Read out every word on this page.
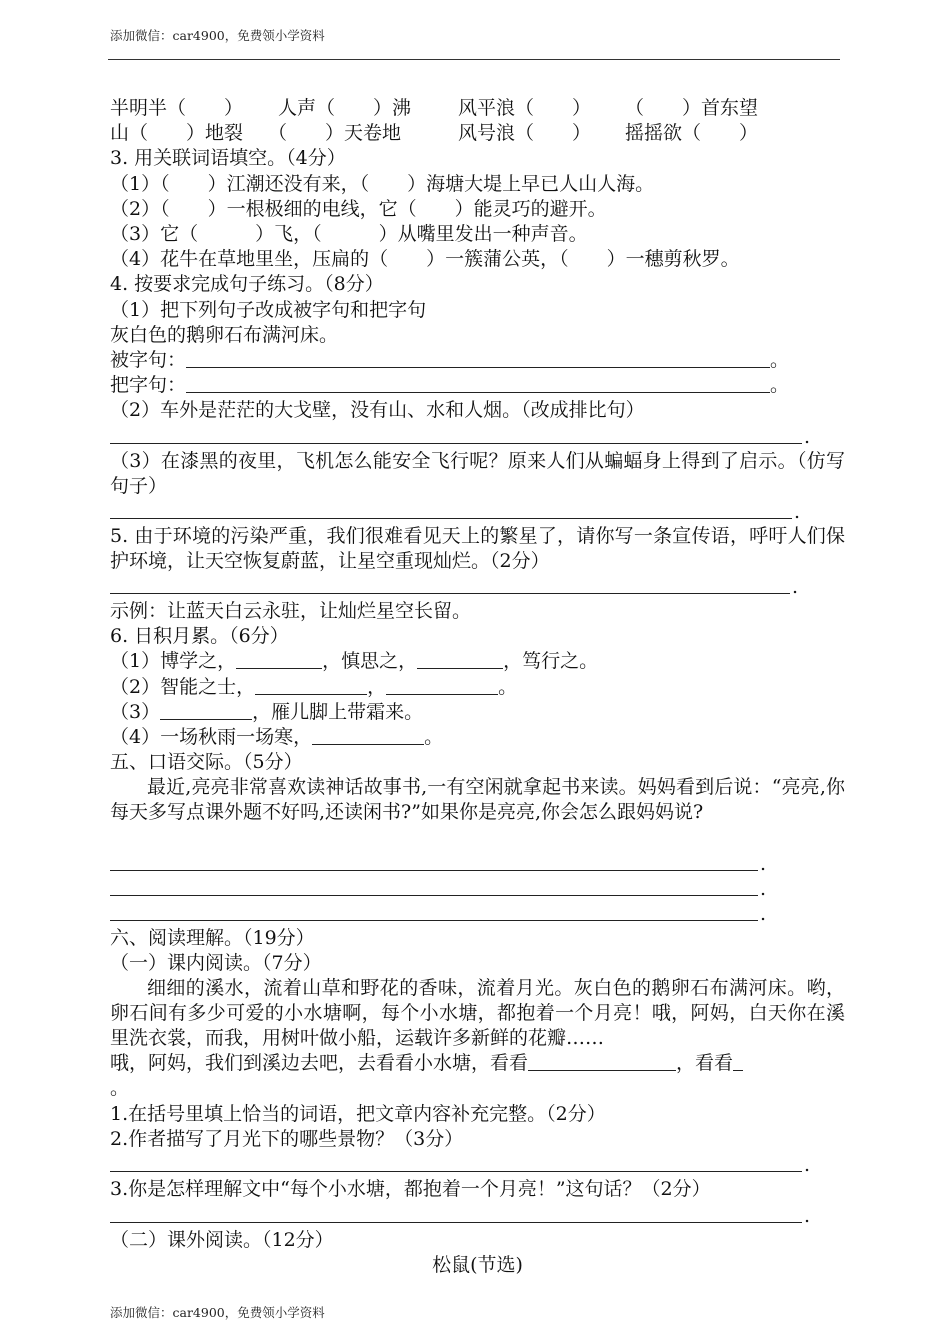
添加微信：car4900，免费领小学资料
半明半（　　） 人声（　　）沸 风平浪（　　） （　　）首东望
山（　　）地裂 （　　）天卷地	风号浪（　　） 摇摇欲（　　）
3. 用关联词语填空。（4分）
（1）（　　）江潮还没有来，（　　）海塘大堤上早已人山人海。
（2）（　　）一根极细的电线，它（　　）能灵巧的避开。
（3）它（　　　）飞，（　　　）从嘴里发出一种声音。
（4）花牛在草地里坐，压扁的（　　）一簇蒲公英，（　　）一穗剪秋罗。
4. 按要求完成句子练习。（8分）
（1）把下列句子改成被字句和把字句
灰白色的鹅卵石布满河床。
被字句：	。
把字句：	。
（2）车外是茫茫的大戈壁，没有山、水和人烟。（改成排比句）
.
（3）在漆黑的夜里，飞机怎么能安全飞行呢？原来人们从蝙蝠身上得到了启示。（仿写句子）
.
5. 由于环境的污染严重，我们很难看见天上的繁星了，请你写一条宣传语，呼吁人们保护环境，让天空恢复蔚蓝，让星空重现灿烂。（2分）
.
示例：让蓝天白云永驻，让灿烂星空长留。
6. 日积月累。（6分）
（1）博学之，	，慎思之，	，笃行之。
（2）智能之士，	，	。
（3）	，雁儿脚上带霜来。
（4）一场秋雨一场寒，	。
五、口语交际。（5分）
最近,亮亮非常喜欢读神话故事书,一有空闲就拿起书来读。妈妈看到后说：“亮亮,你每天多写点课外题不好吗,还读闲书?”如果你是亮亮,你会怎么跟妈妈说?
.
.
.
六、阅读理解。（19分）
（一）课内阅读。（7分）
细细的溪水，流着山草和野花的香味，流着月光。灰白色的鹅卵石布满河床。哟，卵石间有多少可爱的小水塘啊，每个小水塘，都抱着一个月亮！哦，阿妈，白天你在溪里洗衣裳，而我，用树叶做小船，运载许多新鲜的花瓣……
哦，阿妈，我们到溪边去吧，去看看小水塘，看看	，看看
。
1.在括号里填上恰当的词语，把文章内容补充完整。（2分）
2.作者描写了月光下的哪些景物？（3分）
.
3.你是怎样理解文中“每个小水塘，都抱着一个月亮！”这句话？（2分）
.
（二）课外阅读。（12分）
松鼠(节选)
添加微信：car4900，免费领小学资料
